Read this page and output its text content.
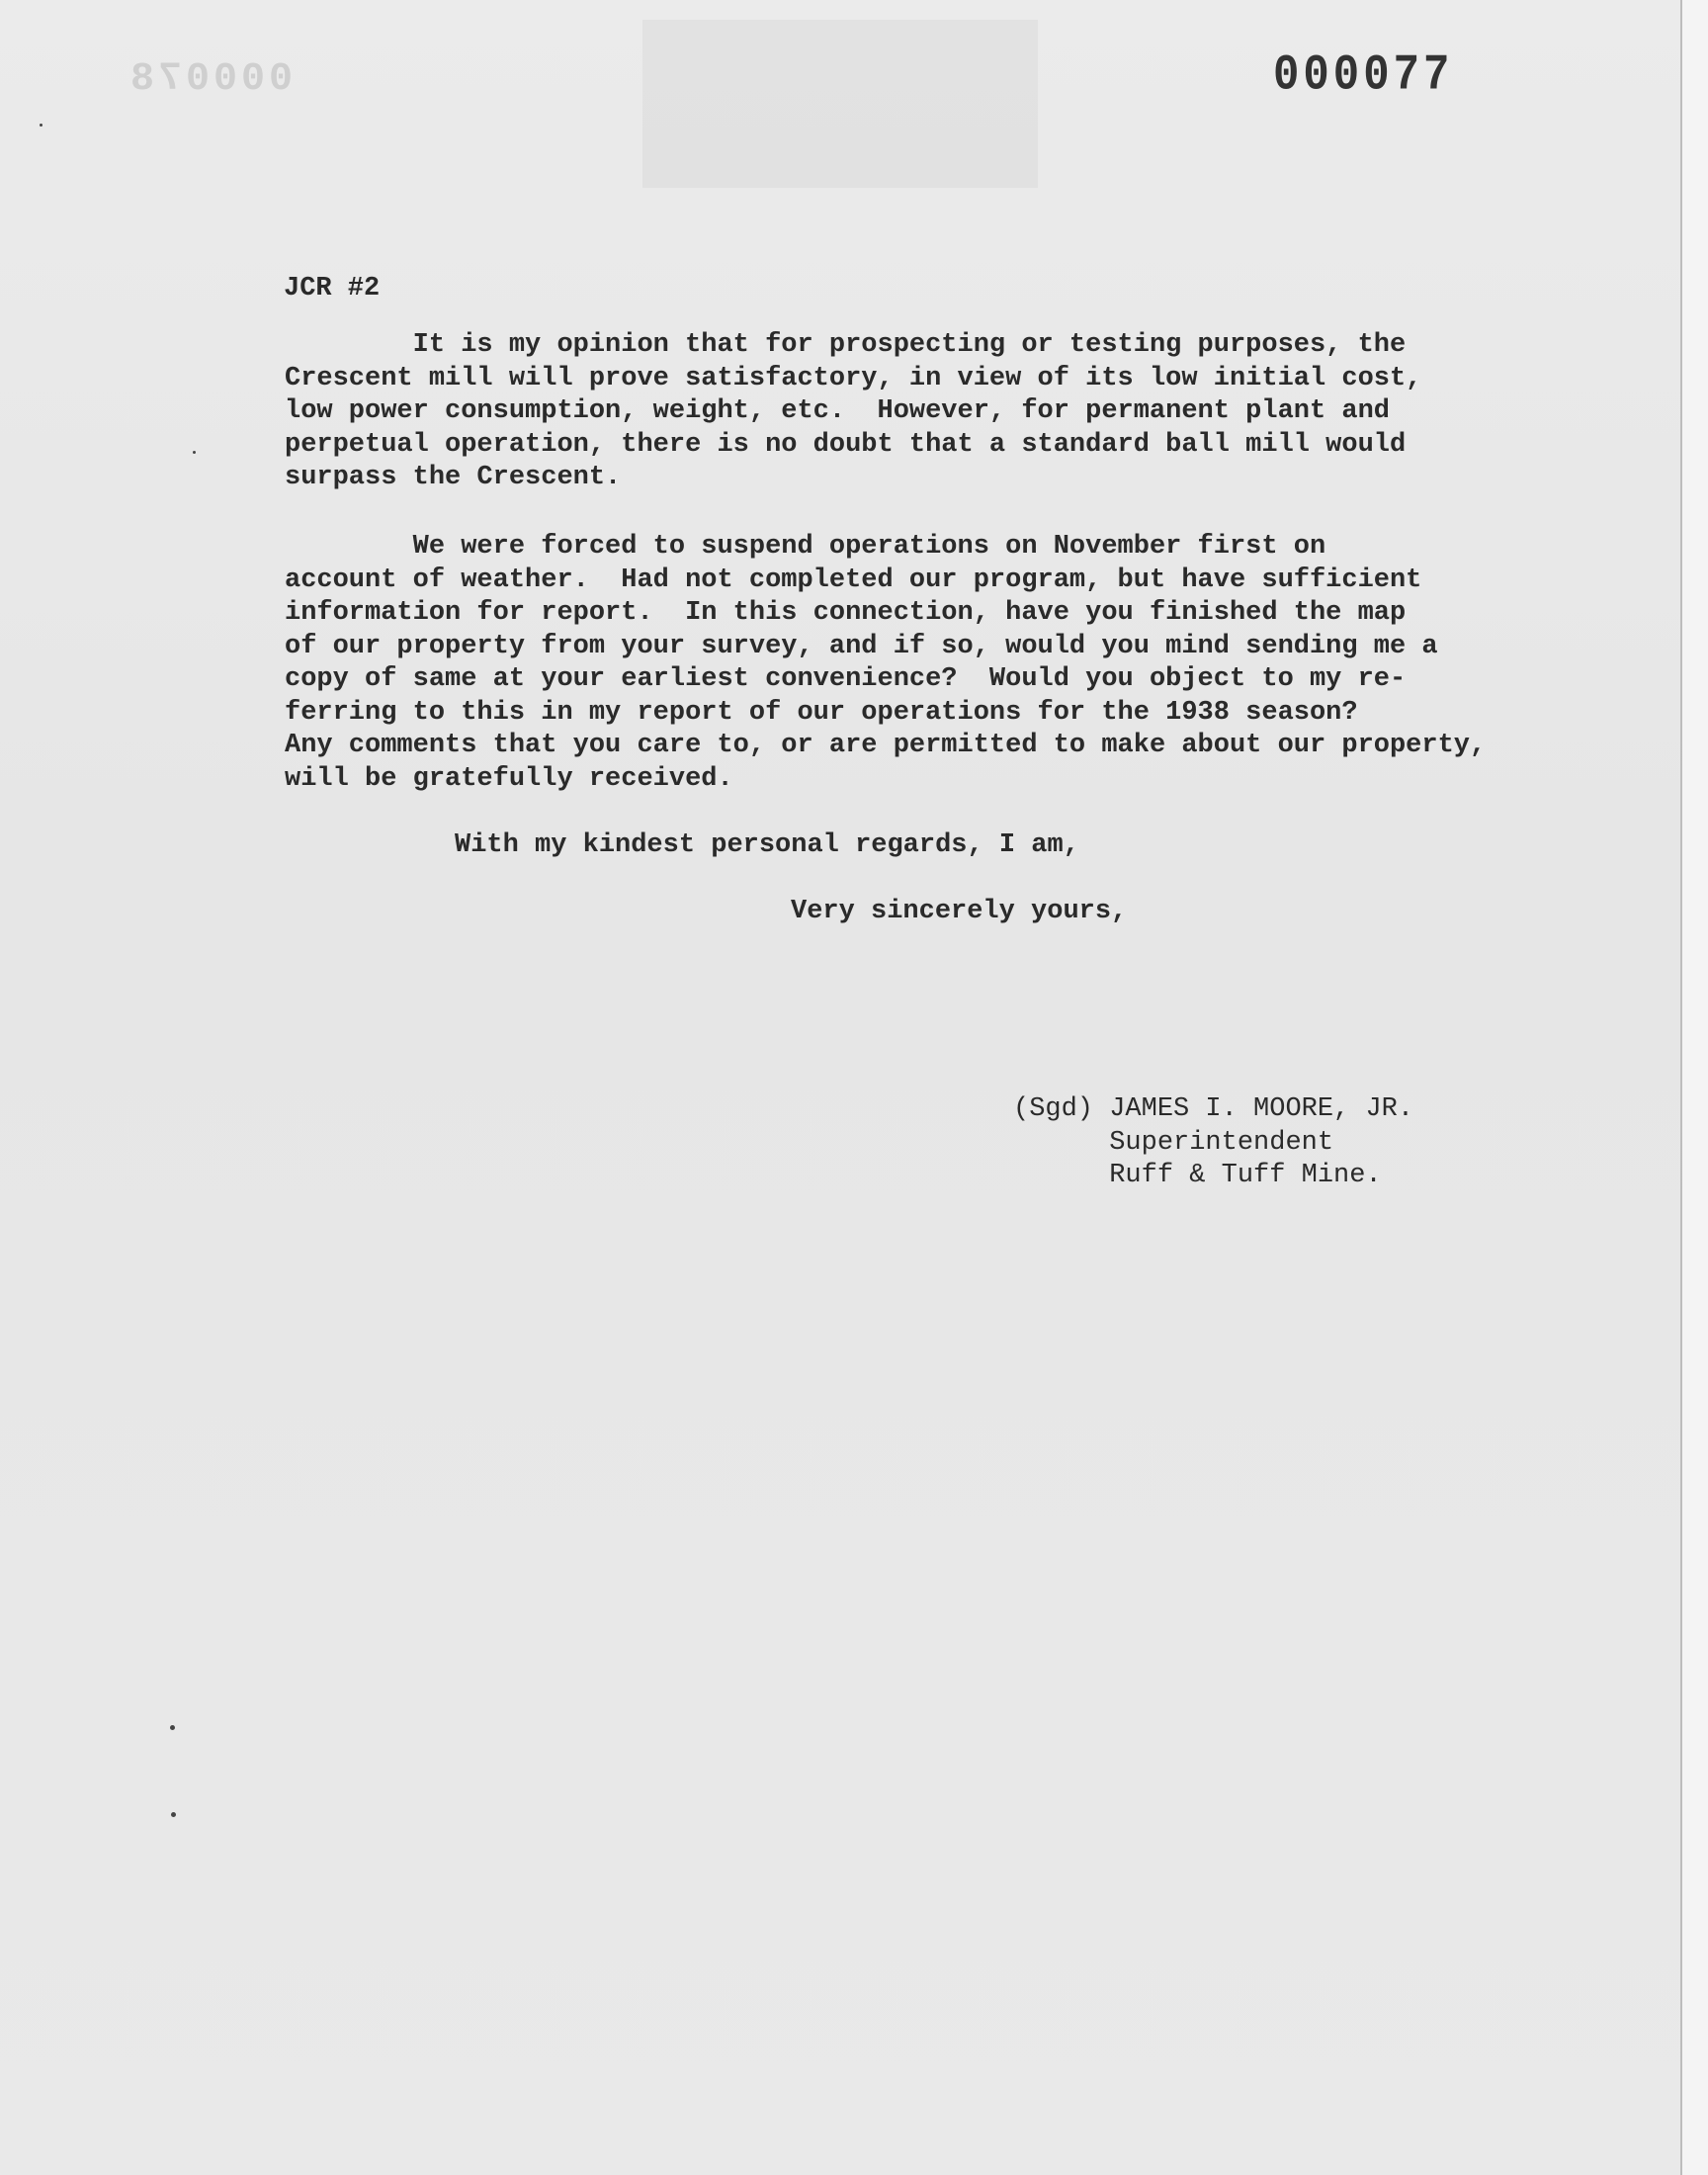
000078	000077
JCR #2
It is my opinion that for prospecting or testing purposes, the
Crescent mill will prove satisfactory, in view of its low initial cost,
low power consumption, weight, etc.  However, for permanent plant and
perpetual operation, there is no doubt that a standard ball mill would
surpass the Crescent.
We were forced to suspend operations on November first on
account of weather.  Had not completed our program, but have sufficient
information for report.  In this connection, have you finished the map
of our property from your survey, and if so, would you mind sending me a
copy of same at your earliest convenience?  Would you object to my re-
ferring to this in my report of our operations for the 1938 season?
Any comments that you care to, or are permitted to make about our property,
will be gratefully received.
With my kindest personal regards, I am,
Very sincerely yours,
(Sgd) JAMES I. MOORE, JR.
Superintendent
Ruff & Tuff Mine.
